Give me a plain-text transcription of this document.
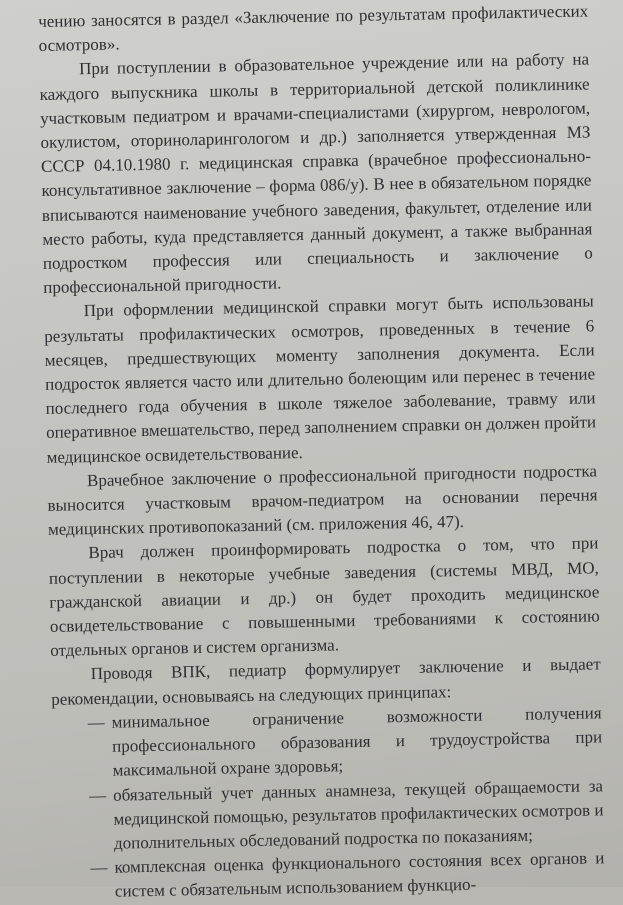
чению заносятся в раздел «Заключение по результатам профилактических осмотров».

При поступлении в образовательное учреждение или на работу на каждого выпускника школы в территориальной детской поликлинике участковым педиатром и врачами-специалистами (хирургом, неврологом, окулистом, оториноларингологом и др.) заполняется утвержденная МЗ СССР 04.10.1980 г. медицинская справка (врачебное профессионально-консультативное заключение – форма 086/у). В нее в обязательном порядке вписываются наименование учебного заведения, факультет, отделение или место работы, куда представляется данный документ, а также выбранная подростком профессия или специальность и заключение о профессиональной пригодности.

При оформлении медицинской справки могут быть использованы результаты профилактических осмотров, проведенных в течение 6 месяцев, предшествующих моменту заполнения документа. Если подросток является часто или длительно болеющим или перенес в течение последнего года обучения в школе тяжелое заболевание, травму или оперативное вмешательство, перед заполнением справки он должен пройти медицинское освидетельствование.

Врачебное заключение о профессиональной пригодности подростка выносится участковым врачом-педиатром на основании перечня медицинских противопоказаний (см. приложения 46, 47).

Врач должен проинформировать подростка о том, что при поступлении в некоторые учебные заведения (системы МВД, МО, гражданской авиации и др.) он будет проходить медицинское освидетельствование с повышенными требованиями к состоянию отдельных органов и систем организма.

Проводя ВПК, педиатр формулирует заключение и выдает рекомендации, основываясь на следующих принципах:

— минимальное ограничение возможности получения профессионального образования и трудоустройства при максимальной охране здоровья;
— обязательный учет данных анамнеза, текущей обращаемости за медицинской помощью, результатов профилактических осмотров и дополнительных обследований подростка по показаниям;
— комплексная оценка функционального состояния всех органов и систем с обязательным использованием функцио-
